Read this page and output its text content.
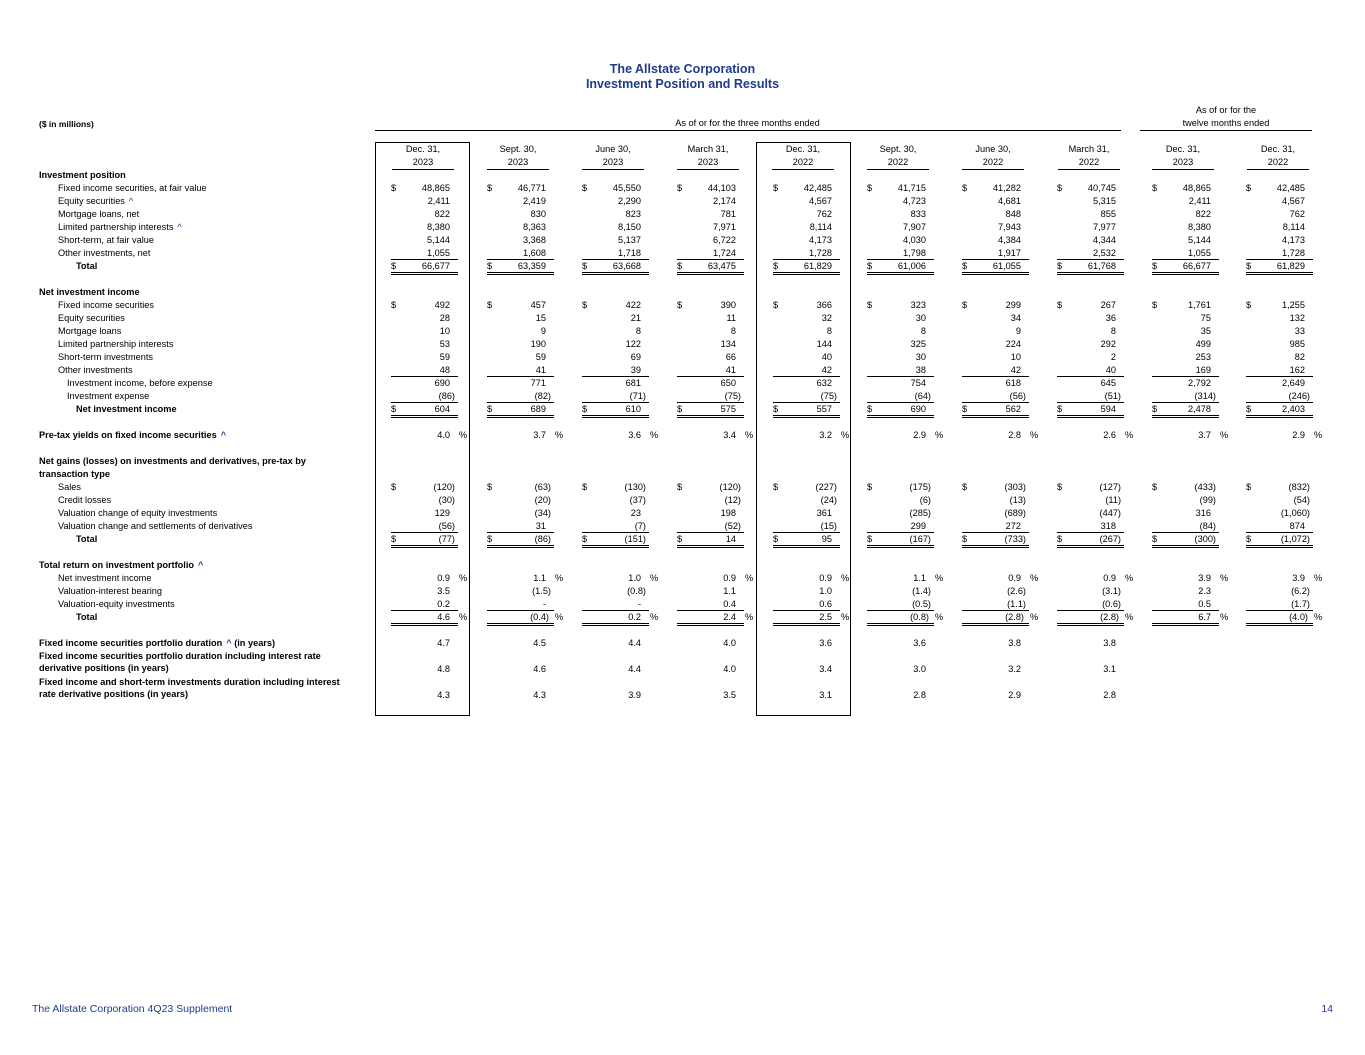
The Allstate Corporation
Investment Position and Results
($ in millions)	As of or for the three months ended
As of or for the
twelve months ended
Dec. 31,
2023
Sept. 30,
2023
June 30,
2023
March 31,
2023
Dec. 31,
2022
Sept. 30,
2022
June 30,
2022
March 31,
2022
Dec. 31,
2023
Dec. 31,
2022
Investment position
Fixed income securities, at fair value	$	48,865	$	46,771	$	45,550	$	44,103	$	42,485	$	41,715	$	41,282	$	40,745	$	48,865	$	42,485
Equity securities ^	2,411	2,419	2,290	2,174	4,567	4,723	4,681	5,315	2,411	4,567
Mortgage loans, net	822	830	823	781	762	833	848	855	822	762
Limited partnership interests ^	8,380	8,363	8,150	7,971	8,114	7,907	7,943	7,977	8,380	8,114
Short-term, at fair value	5,144	3,368	5,137	6,722	4,173	4,030	4,384	4,344	5,144	4,173
Other investments, net	1,055	1,608	1,718	1,724	1,728	1,798	1,917	2,532	1,055	1,728
Total	$	66,677	$	63,359	$	63,668	$	63,475	$	61,829	$	61,006	$	61,055	$	61,768	$	66,677	$	61,829
Net investment income
Fixed income securities	$	492	$	457	$	422	$	390	$	366	$	323	$	299	$	267	$	1,761	$	1,255
Equity securities	28	15	21	11	32	30	34	36	75	132
Mortgage loans	10	9	8	8	8	8	9	8	35	33
Limited partnership interests	53	190	122	134	144	325	224	292	499	985
Short-term investments	59	59	69	66	40	30	10	2	253	82
Other investments	48	41	39	41	42	38	42	40	169	162
Investment income, before expense	690	771	681	650	632	754	618	645	2,792	2,649
Investment expense	(86)	(82)	(71)	(75)	(75)	(64)	(56)	(51)	(314)	(246)
Net investment income	$	604	$	689	$	610	$	575	$	557	$	690	$	562	$	594	$	2,478	$	2,403
Pre-tax yields on fixed income securities ^	4.0 %	3.7 %	3.6 %	3.4 %	3.2 %	2.9 %	2.8 %	2.6 %	3.7 %	2.9 %
Net gains (losses) on investments and derivatives, pre-tax by
transaction type
Sales	$	(120)	$	(63)	$	(130)	$	(120)	$	(227)	$	(175)	$	(303)	$	(127)	$	(433)	$	(832)
Credit losses	(30)	(20)	(37)	(12)	(24)	(6)	(13)	(11)	(99)	(54)
Valuation change of equity investments	129	(34)	23	198	361	(285)	(689)	(447)	316	(1,060)
Valuation change and settlements of derivatives	(56)	31	(7)	(52)	(15)	299	272	318	(84)	874
Total	$	(77)	$	(86)	$	(151)	$	14	$	95	$	(167)	$	(733)	$	(267)	$	(300)	$	(1,072)
Total return on investment portfolio ^
Net investment income	0.9 %	1.1 %	1.0 %	0.9 %	0.9 %	1.1 %	0.9 %	0.9 %	3.9 %	3.9 %
Valuation-interest bearing	3.5	(1.5)	(0.8)	1.1	1.0	(1.4)	(2.6)	(3.1)	2.3	(6.2)
Valuation-equity investments	0.2	-	-	0.4	0.6	(0.5)	(1.1)	(0.6)	0.5	(1.7)
Total	4.6 %	(0.4) %	0.2 %	2.4 %	2.5 %	(0.8) %	(2.8) %	(2.8) %	6.7 %	(4.0) %
Fixed income securities portfolio duration ^ (in years)	4.7	4.5	4.4	4.0	3.6	3.6	3.8	3.8
Fixed income securities portfolio duration including interest rate
derivative positions (in years)	4.8	4.6	4.4	4.0	3.4	3.0	3.2	3.1
Fixed income and short-term investments duration including interest
rate derivative positions (in years)	4.3	4.3	3.9	3.5	3.1	2.8	2.9	2.8
The Allstate Corporation 4Q23 Supplement	14
